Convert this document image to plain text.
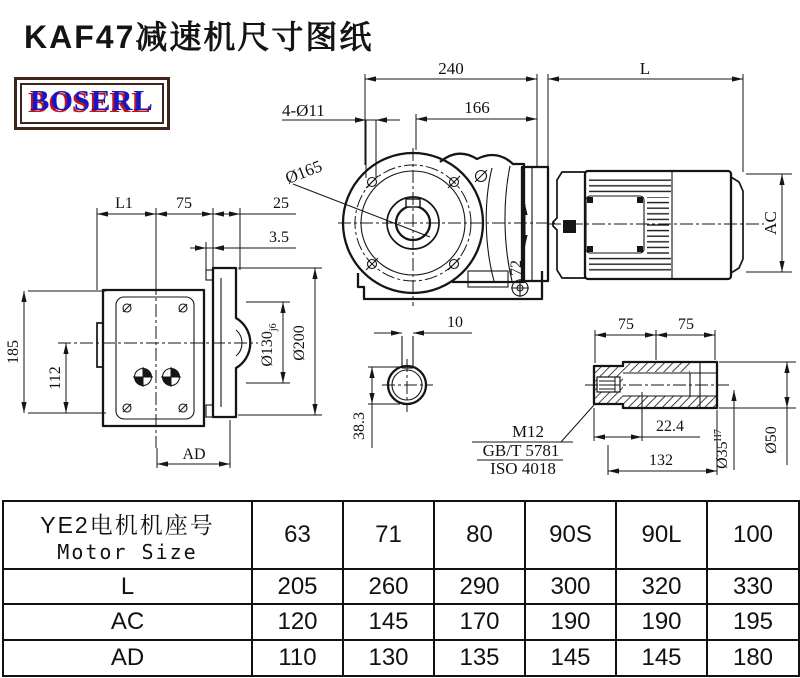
KAF47减速机尺寸图纸
BOSERL
240	L
166
4-Ø11
Ø165
72
AC
L1	75	25
3.5
185
112
AD
$Ø130_{j6}$ Ø200
10
38.3	M12
GB/T 5781
ISO 4018
75	75
22.4
132	$Ø35^{H7}$	Ø50
YE2电机机座号
Motor Size	63	71	80	90S	90L	100
L	205	260	290	300	320	330
AC	120	145	170	190	190	195
AD	110	130	135	145	145	180
